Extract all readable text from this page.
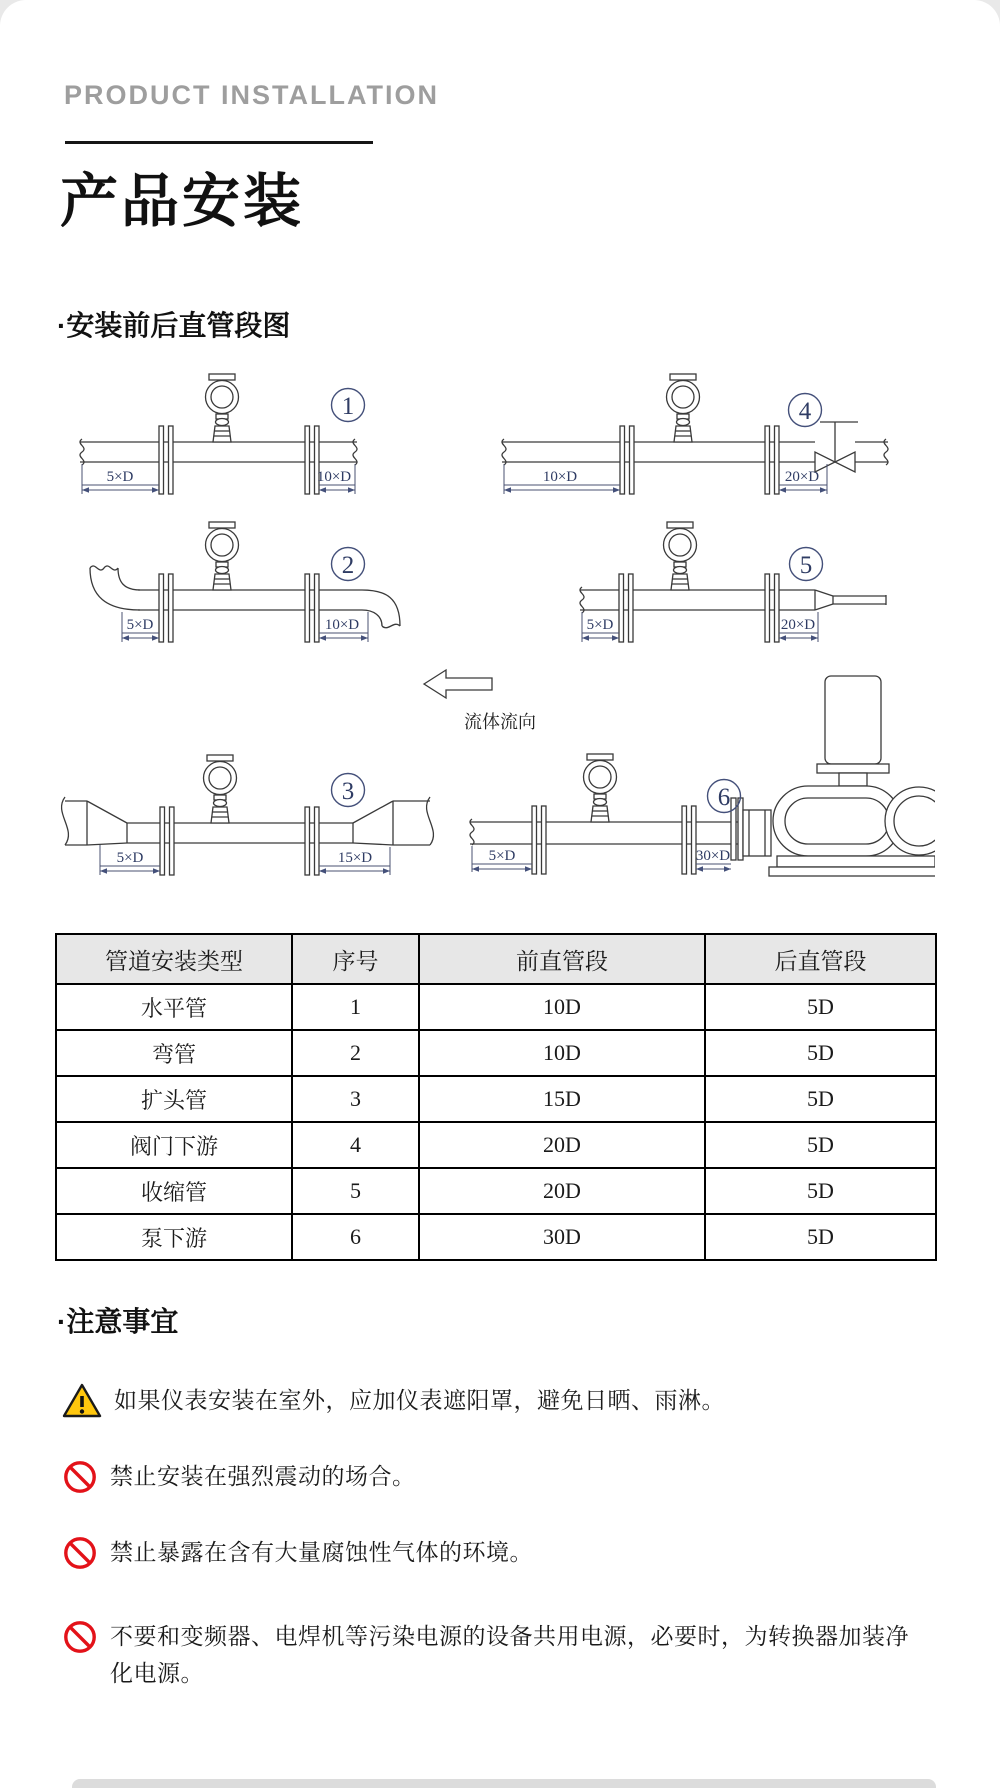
PRODUCT INSTALLATION
产品安装
·安装前后直管段图
5×D	10×D
1
10×D	20×D
4
5×D	10×D
2
5×D	20×D
5
流体流向
5×D	15×D
3
5×D	30×D
6
管道安装类型	序号	前直管段	后直管段
水平管	1	10D	5D
弯管	2	10D	5D
扩头管	3	15D	5D
阀门下游	4	20D	5D
收缩管	5	20D	5D
泵下游	6	30D	5D
·注意事宜
如果仪表安装在室外，应加仪表遮阳罩，避免日晒、雨淋。
禁止安装在强烈震动的场合。
禁止暴露在含有大量腐蚀性气体的环境。
不要和变频器、电焊机等污染电源的设备共用电源，必要时，为转换器加装净化电源。
